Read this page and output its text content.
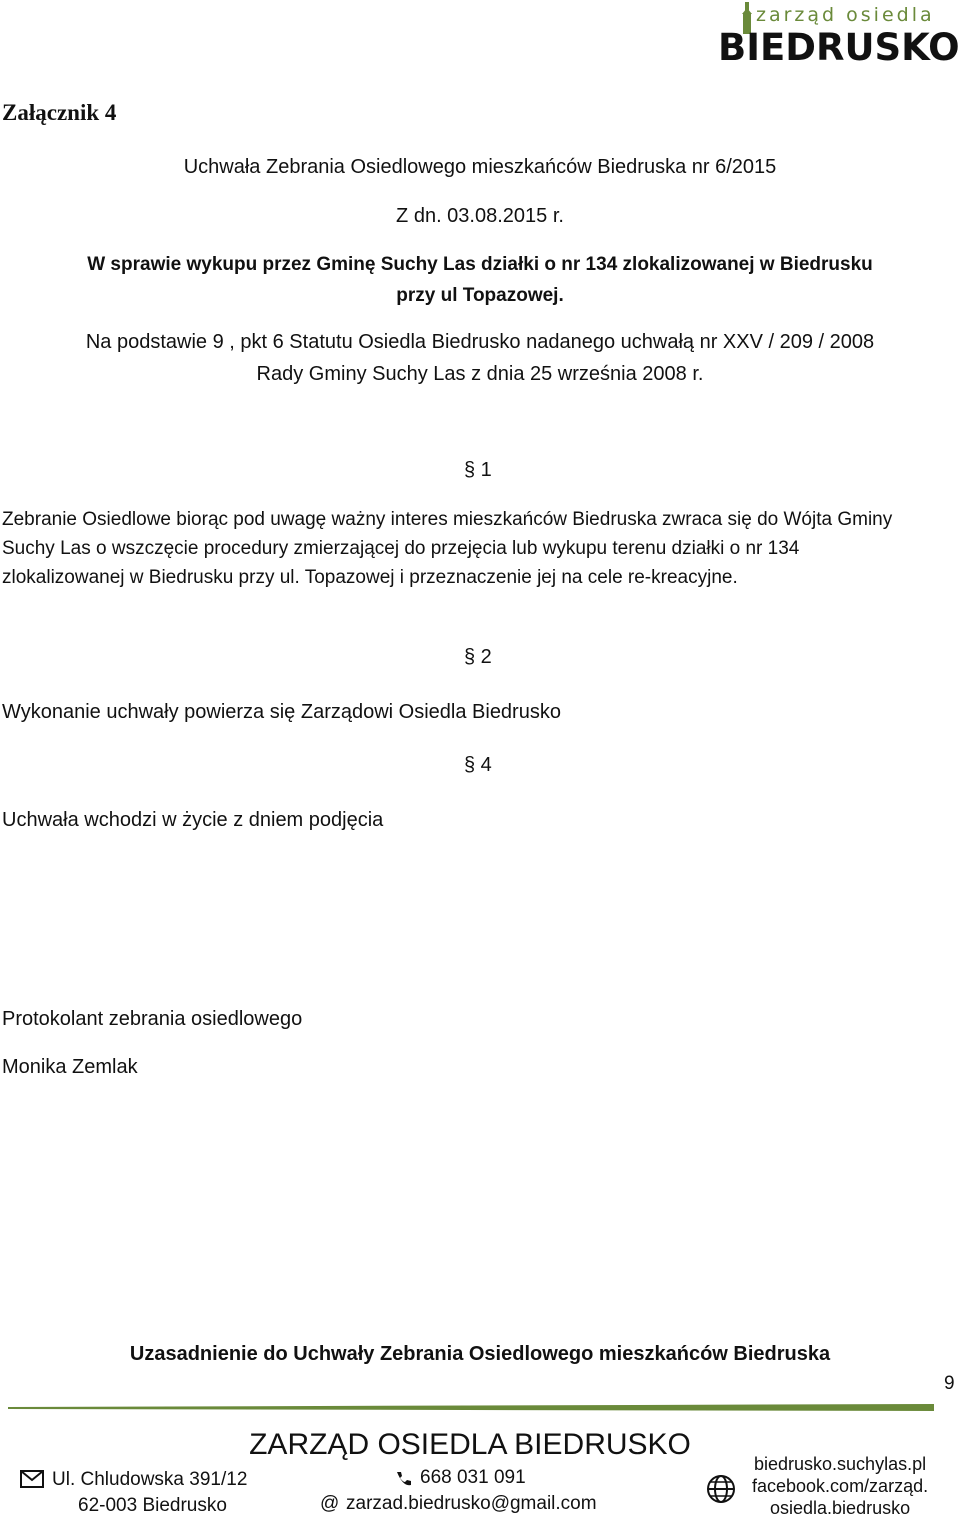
zarząd osiedla
BIEDRUSKO
Załącznik 4
Uchwała Zebrania Osiedlowego mieszkańców Biedruska nr 6/2015
Z dn. 03.08.2015 r.
W sprawie wykupu przez Gminę Suchy Las działki o nr 134 zlokalizowanej w Biedrusku
przy ul Topazowej.
Na podstawie 9 , pkt 6 Statutu Osiedla Biedrusko nadanego uchwałą nr XXV / 209 / 2008
Rady Gminy Suchy Las z dnia 25 września 2008 r.
§ 1
Zebranie Osiedlowe biorąc pod uwagę ważny interes mieszkańców Biedruska zwraca się do Wójta Gminy Suchy Las o wszczęcie procedury zmierzającej do przejęcia lub wykupu terenu działki o nr 134 zlokalizowanej w Biedrusku przy ul. Topazowej i przeznaczenie jej na cele re-kreacyjne.
§ 2
Wykonanie uchwały powierza się Zarządowi Osiedla Biedrusko
§ 4
Uchwała wchodzi w życie z dniem podjęcia
Protokolant zebrania osiedlowego
Monika Zemlak
Uzasadnienie do Uchwały Zebrania Osiedlowego mieszkańców Biedruska
9
ZARZĄD OSIEDLA BIEDRUSKO
Ul. Chludowska 391/12
62-003 Biedrusko
668 031 091
@ zarzad.biedrusko@gmail.com
biedrusko.suchylas.pl
facebook.com/zarząd.
osiedla.biedrusko
